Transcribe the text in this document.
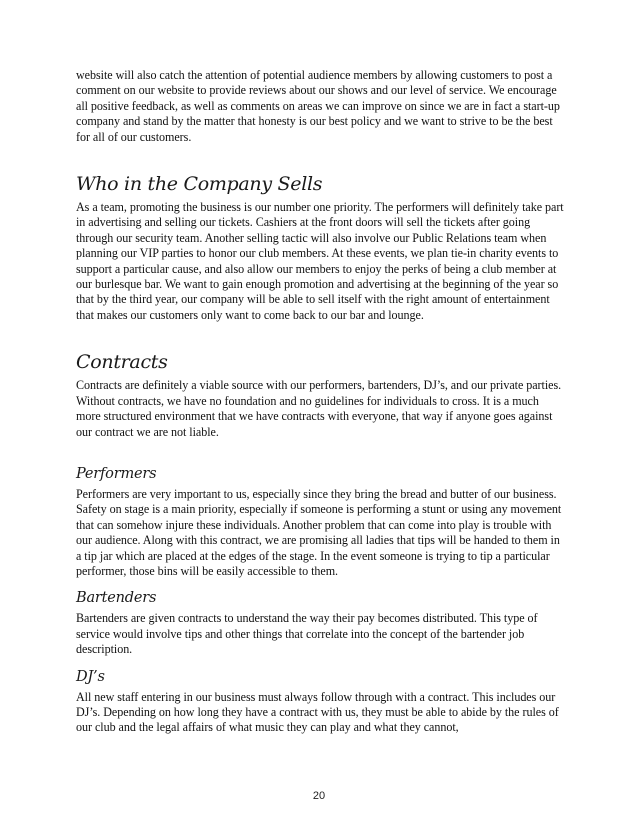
website will also catch the attention of potential audience members by allowing customers to post a comment on our website to provide reviews about our shows and our level of service. We encourage all positive feedback, as well as comments on areas we can improve on since we are in fact a start-up company and stand by the matter that honesty is our best policy and we want to strive to be the best for all of our customers.

Who in the Company Sells

As a team, promoting the business is our number one priority. The performers will definitely take part in advertising and selling our tickets. Cashiers at the front doors will sell the tickets after going through our security team. Another selling tactic will also involve our Public Relations team when planning our VIP parties to honor our club members. At these events, we plan tie-in charity events to support a particular cause, and also allow our members to enjoy the perks of being a club member at our burlesque bar. We want to gain enough promotion and advertising at the beginning of the year so that by the third year, our company will be able to sell itself with the right amount of entertainment that makes our customers only want to come back to our bar and lounge.

Contracts

Contracts are definitely a viable source with our performers, bartenders, DJ’s, and our private parties. Without contracts, we have no foundation and no guidelines for individuals to cross. It is a much more structured environment that we have contracts with everyone, that way if anyone goes against our contract we are not liable.

Performers

Performers are very important to us, especially since they bring the bread and butter of our business. Safety on stage is a main priority, especially if someone is performing a stunt or using any movement that can somehow injure these individuals. Another problem that can come into play is trouble with our audience. Along with this contract, we are promising all ladies that tips will be handed to them in a tip jar which are placed at the edges of the stage. In the event someone is trying to tip a particular performer, those bins will be easily accessible to them.

Bartenders

Bartenders are given contracts to understand the way their pay becomes distributed. This type of service would involve tips and other things that correlate into the concept of the bartender job description.

DJ’s

All new staff entering in our business must always follow through with a contract. This includes our DJ’s. Depending on how long they have a contract with us, they must be able to abide by the rules of our club and the legal affairs of what music they can play and what they cannot,

20
